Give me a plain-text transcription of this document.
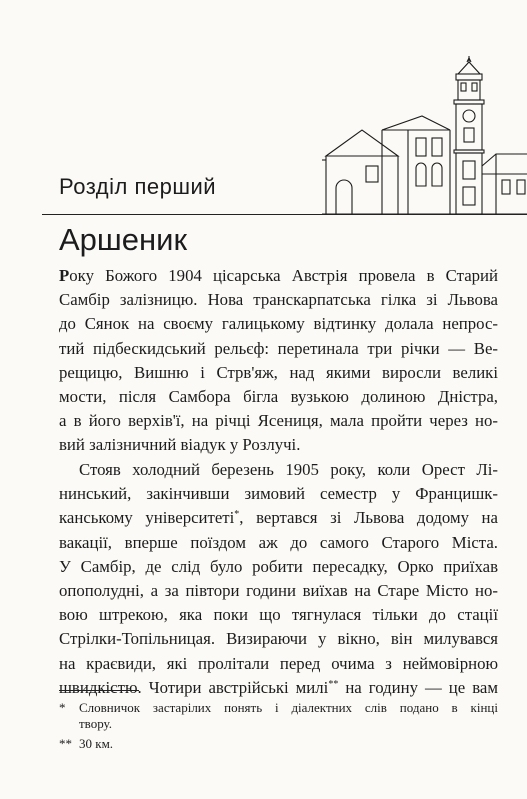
Розділ перший
Аршеник
Року Божого 1904 цісарська Австрія провела в Старий
Самбір залізницю. Нова транскарпатська гілка зі Львова
до Сянок на своєму галицькому відтинку долала непрос-
тий підбескидський рельєф: перетинала три річки — Ве-
рещицю, Вишню і Стрв'яж, над якими виросли великі
мости, після Самбора бігла вузькою долиною Дністра,
а в його верхів'ї, на річці Ясениця, мала пройти через но-
вий залізничний віадук у Розлучі.
Стояв холодний березень 1905 року, коли Орест Лі-
нинський, закінчивши зимовий семестр у Францишк-
канському університеті*, вертався зі Львова додому на
вакації, вперше поїздом аж до самого Старого Міста.
У Самбір, де слід було робити пересадку, Орко приїхав
опополудні, а за півтори години виїхав на Старе Місто но-
вою штрекою, яка поки що тягнулася тільки до стації
Стрілки-Топільницая. Визираючи у вікно, він милувався
на краєвиди, які пролітали перед очима з неймовірною
швидкістю. Чотири австрійські милі** на годину — це вам
* Словничок застарілих понять і діалектних слів подано в кінці
твору.
** 30 км.
